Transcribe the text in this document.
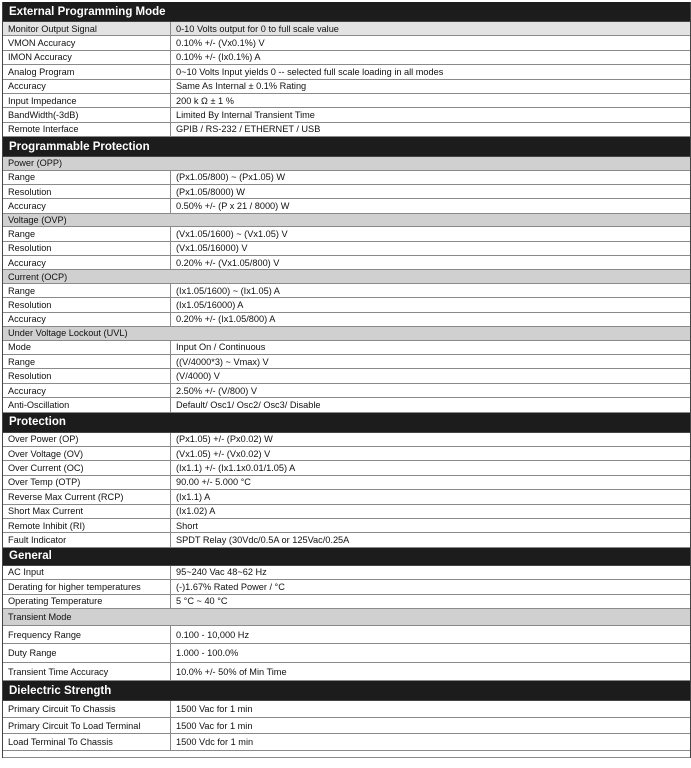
External Programming Mode
Monitor Output Signal	0-10 Volts output for 0 to full scale value
VMON Accuracy	0.10% +/- (Vx0.1%) V
IMON Accuracy	0.10% +/- (Ix0.1%) A
Analog Program	0~10 Volts Input yields 0 -- selected full scale loading in all modes
Accuracy	Same As Internal ± 0.1% Rating
Input Impedance	200 k Ω ± 1 %
BandWidth(-3dB)	Limited By Internal Transient Time
Remote Interface	GPIB / RS-232 / ETHERNET / USB
Programmable Protection
Power (OPP)
Range	(Px1.05/800) ~ (Px1.05) W
Resolution	(Px1.05/8000) W
Accuracy	0.50% +/- (P x 21 / 8000) W
Voltage (OVP)
Range	(Vx1.05/1600) ~ (Vx1.05) V
Resolution	(Vx1.05/16000) V
Accuracy	0.20% +/- (Vx1.05/800) V
Current (OCP)
Range	(Ix1.05/1600) ~ (Ix1.05) A
Resolution	(Ix1.05/16000) A
Accuracy	0.20% +/- (Ix1.05/800) A
Under Voltage Lockout (UVL)
Mode	Input On / Continuous
Range	((V/4000*3) ~ Vmax) V
Resolution	(V/4000) V
Accuracy	2.50% +/- (V/800) V
Anti-Oscillation	Default/ Osc1/ Osc2/ Osc3/ Disable
Protection
Over Power (OP)	(Px1.05) +/- (Px0.02) W
Over Voltage (OV)	(Vx1.05) +/- (Vx0.02) V
Over Current (OC)	(Ix1.1) +/- (Ix1.1x0.01/1.05) A
Over Temp (OTP)	90.00 +/- 5.000 °C
Reverse Max Current (RCP)	(Ix1.1) A
Short Max Current	(Ix1.02) A
Remote Inhibit (RI)	Short
Fault Indicator	SPDT Relay (30Vdc/0.5A or 125Vac/0.25A
General
AC Input	95~240 Vac 48~62 Hz
Derating for higher temperatures	(-)1.67% Rated Power / °C
Operating Temperature	5 °C ~ 40 °C
Transient Mode
Frequency Range	0.100 - 10,000 Hz
Duty Range	1.000 - 100.0%
Transient Time Accuracy	10.0% +/- 50% of Min Time
Dielectric Strength
Primary Circuit To Chassis	1500 Vac for 1 min
Primary Circuit To Load Terminal	1500 Vac for 1 min
Load Terminal To Chassis	1500 Vdc for 1 min
